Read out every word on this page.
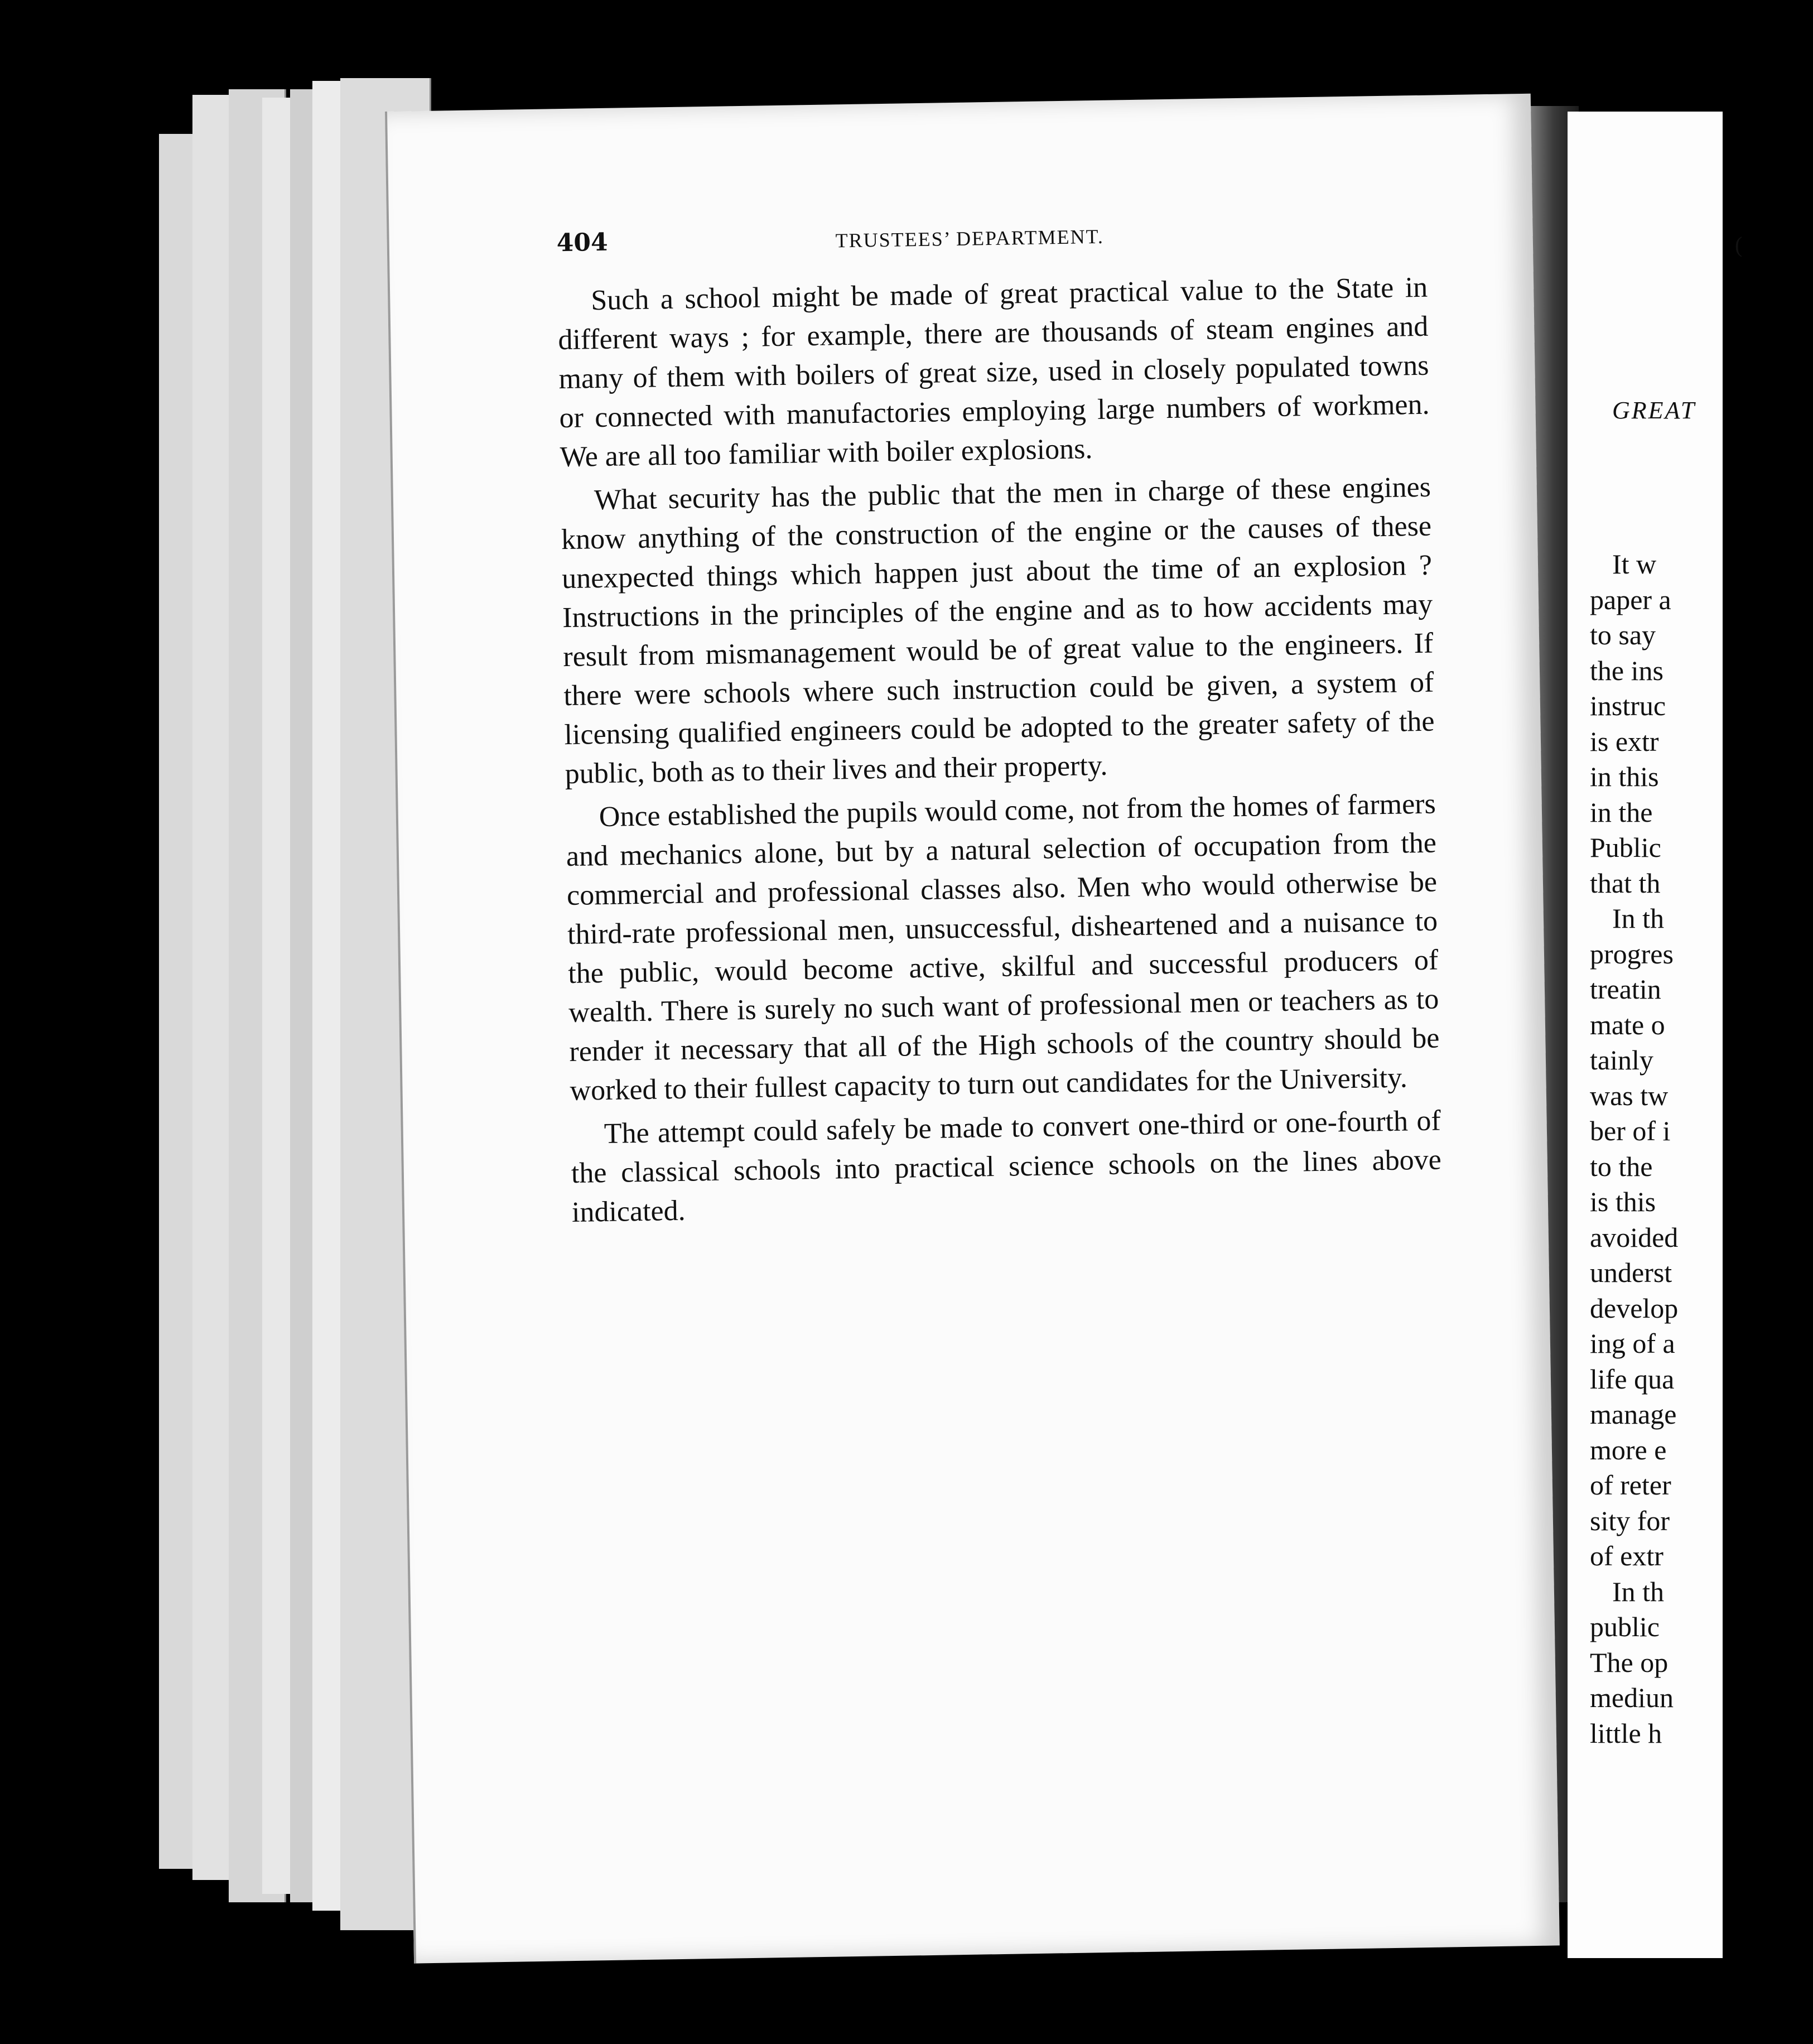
404	TRUSTEES’ DEPARTMENT.

Such a school might be made of great practical value to the State in different ways ; for example, there are thousands of steam engines and many of them with boilers of great size, used in closely populated towns or connected with manufactories employing large numbers of workmen. We are all too familiar with boiler explosions.

What security has the public that the men in charge of these engines know anything of the construction of the engine or the causes of these unexpected things which happen just about the time of an explosion ? Instructions in the principles of the engine and as to how accidents may result from mismanagement would be of great value to the engineers. If there were schools where such instruction could be given, a system of licensing qualified engineers could be adopted to the greater safety of the public, both as to their lives and their property.

Once established the pupils would come, not from the homes of farmers and mechanics alone, but by a natural selection of occupation from the commercial and professional classes also. Men who would otherwise be third-rate professional men, unsuccessful, disheartened and a nuisance to the public, would become active, skilful and successful producers of wealth. There is surely no such want of professional men or teachers as to render it necessary that all of the High schools of the country should be worked to their fullest capacity to turn out candidates for the University.

The attempt could safely be made to convert one-third or one-fourth of the classical schools into practical science schools on the lines above indicated.

(
GREAT
It w
paper a
to say
the ins
instruc
is extr
in this
in the
Public
that th
In th
progres
treatin
mate o
tainly
was tw
ber of i
to the
is this
avoided
underst
develop
ing of a
life qua
manage
more e
of reter
sity for
of extr
In th
public
The op
mediun
little h
